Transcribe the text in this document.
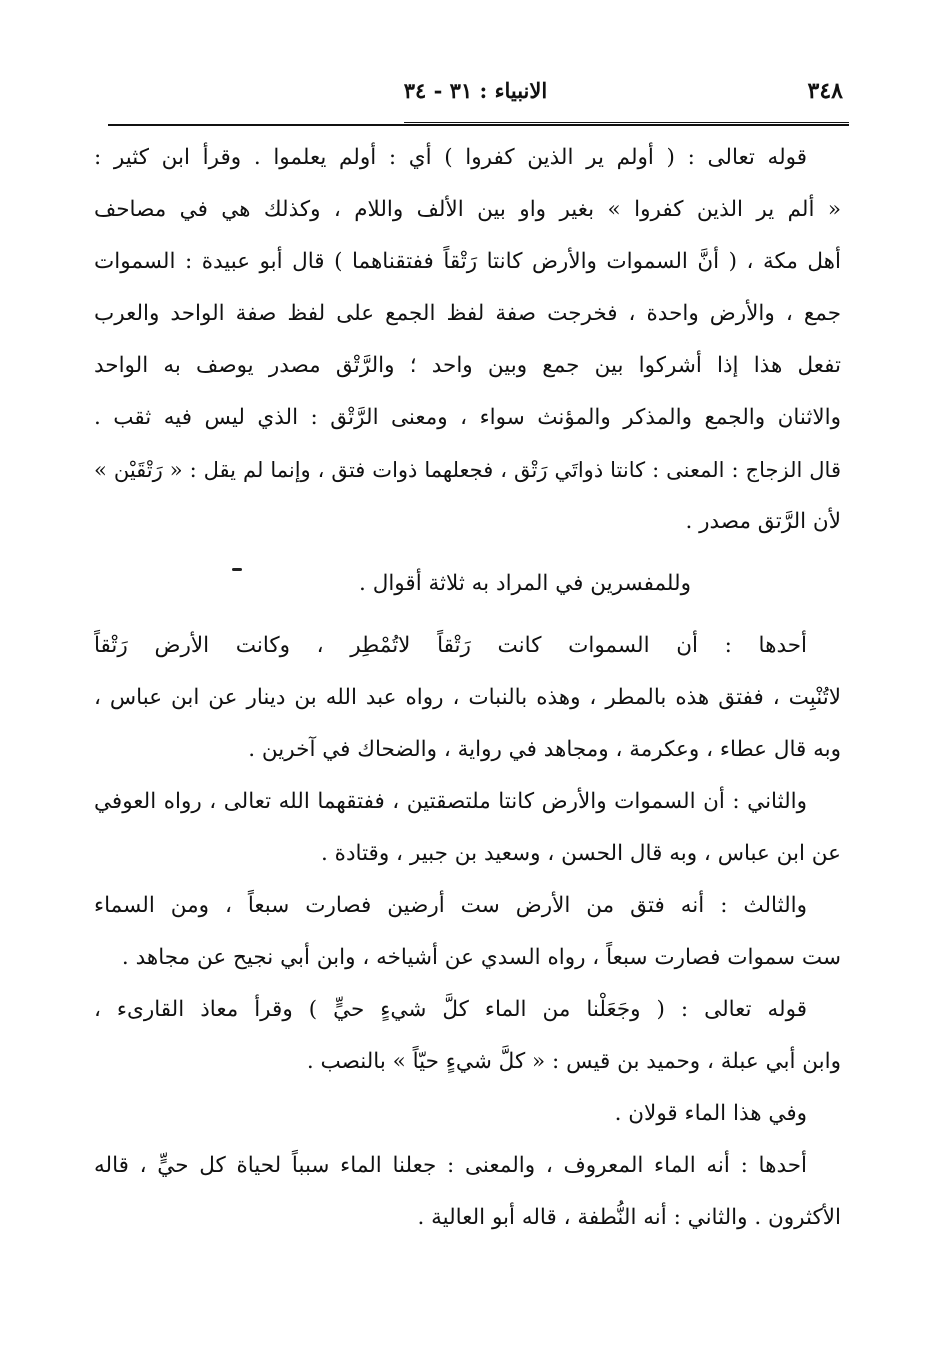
٣٤٨
الانبياء : ٣١ - ٣٤
قوله تعالى : ( أولم ير الذين كفروا ) أي : أولم يعلموا . وقرأ ابن كثير :
« ألم ير الذين كفروا » بغير واو بين الألف واللام ، وكذلك هي في مصاحف
أهل مكة ، ( أنَّ السموات والأرض كانتا رَتْقاً ففتقناهما ) قال أبو عبيدة : السموات
جمع ، والأرض واحدة ، فخرجت صفة لفظ الجمع على لفظ صفة الواحد والعرب
تفعل هذا إذا أشركوا بين جمع وبين واحد ؛ والرَّتْق مصدر يوصف به الواحد
والاثنان والجمع والمذكر والمؤنث سواء ، ومعنى الرَّتْق : الذي ليس فيه ثقب .
قال الزجاج : المعنى : كانتا ذواتَي رَتْق ، فجعلهما ذوات فتق ، وإنما لم يقل : « رَتْقَيْن »
لأن الرَّتق مصدر .
وللمفسرين في المراد به ثلاثة أقوال .
أحدها : أن السموات كانت رَتْقاً لاتُمْطِر ، وكانت الأرض رَتْقاً
لاتُنْبِت ، ففتق هذه بالمطر ، وهذه بالنبات ، رواه عبد الله بن دينار عن ابن عباس ،
وبه قال عطاء ، وعكرمة ، ومجاهد في رواية ، والضحاك في آخرين .
والثاني : أن السموات والأرض كانتا ملتصقتين ، ففتقهما الله تعالى ، رواه العوفي
عن ابن عباس ، وبه قال الحسن ، وسعيد بن جبير ، وقتادة .
والثالث : أنه فتق من الأرض ست أرضين فصارت سبعاً ، ومن السماء
ست سموات فصارت سبعاً ، رواه السدي عن أشياخه ، وابن أبي نجيح عن مجاهد .
قوله تعالى : ( وجَعَلْنا من الماء كلَّ شيءٍ حيٍّ ) وقرأ معاذ القارىء ،
وابن أبي عبلة ، وحميد بن قيس : « كلَّ شيءٍ حيّاً » بالنصب .
وفي هذا الماء قولان .
أحدها : أنه الماء المعروف ، والمعنى : جعلنا الماء سبباً لحياة كل حيٍّ ، قاله
الأكثرون . والثاني : أنه النُّطفة ، قاله أبو العالية .
